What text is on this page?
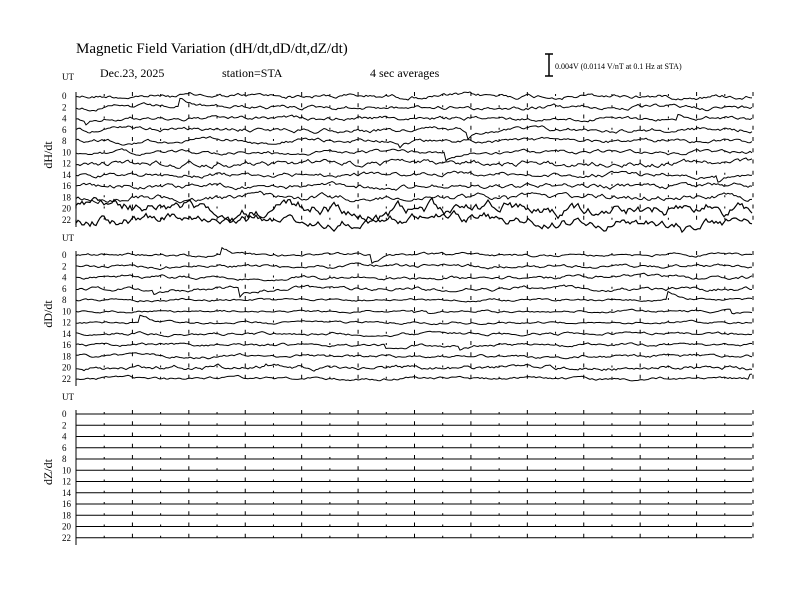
Magnetic Field Variation (dH/dt,dD/dt,dZ/dt)
Dec.23, 2025	station=STA	4 sec averages	0.004V (0.0114 V/nT at 0.1 Hz at STA)
UT
dH/dt
0
2
4
6
8
10
12
14
16
18
20
22
UT
dD/dt
0
2
4
6
8
10
12
14
16
18
20
22
UT
dZ/dt
0
2
4
6
8
10
12
14
16
18
20
22
